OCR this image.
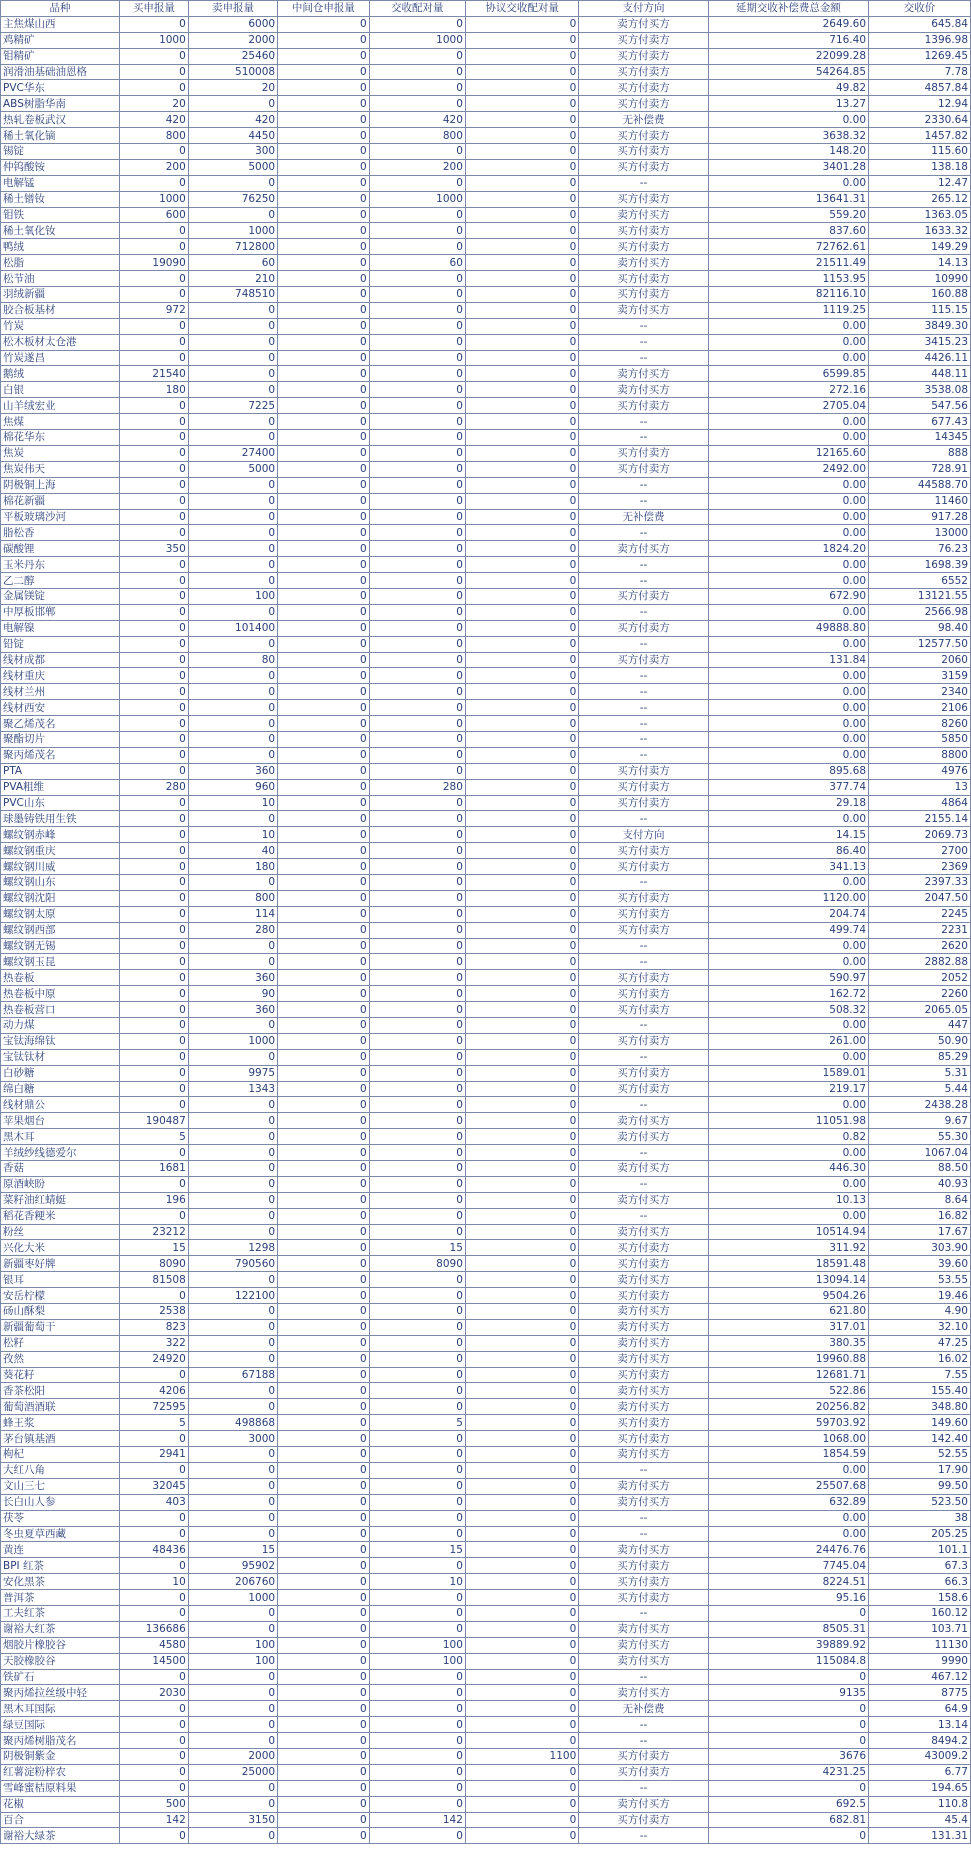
品种	买申报量	卖申报量	中间仓申报量	交收配对量	协议交收配对量	支付方向	延期交收补偿费总金额	交收价
主焦煤山西	0	6000	0	0	0	卖方付买方	2649.60	645.84
鸡精矿	1000	2000	0	1000	0	买方付卖方	716.40	1396.98
钼精矿	0	25460	0	0	0	买方付卖方	22099.28	1269.45
润滑油基础油恩格	0	510008	0	0	0	买方付卖方	54264.85	7.78
PVC华东	0	20	0	0	0	买方付卖方	49.82	4857.84
ABS树脂华南	20	0	0	0	0	买方付卖方	13.27	12.94
热轧卷板武汉	420	420	0	420	0	无补偿费	0.00	2330.64
稀土氧化镝	800	4450	0	800	0	买方付卖方	3638.32	1457.82
锡锭	0	300	0	0	0	买方付卖方	148.20	115.60
仲钨酸铵	200	5000	0	200	0	买方付卖方	3401.28	138.18
电解锰	0	0	0	0	0	--	0.00	12.47
稀土镨钕	1000	76250	0	1000	0	买方付卖方	13641.31	265.12
钼铁	600	0	0	0	0	卖方付买方	559.20	1363.05
稀土氧化钕	0	1000	0	0	0	买方付卖方	837.60	1633.32
鸭绒	0	712800	0	0	0	买方付卖方	72762.61	149.29
松脂	19090	60	0	60	0	卖方付买方	21511.49	14.13
松节油	0	210	0	0	0	买方付卖方	1153.95	10990
羽绒新疆	0	748510	0	0	0	买方付卖方	82116.10	160.88
胶合板基材	972	0	0	0	0	卖方付买方	1119.25	115.15
竹炭	0	0	0	0	0	--	0.00	3849.30
松木板材太仓港	0	0	0	0	0	--	0.00	3415.23
竹炭遂昌	0	0	0	0	0	--	0.00	4426.11
鹅绒	21540	0	0	0	0	卖方付买方	6599.85	448.11
白银	180	0	0	0	0	卖方付买方	272.16	3538.08
山羊绒宏业	0	7225	0	0	0	买方付卖方	2705.04	547.56
焦煤	0	0	0	0	0	--	0.00	677.43
棉花华东	0	0	0	0	0	--	0.00	14345
焦炭	0	27400	0	0	0	买方付卖方	12165.60	888
焦炭伟天	0	5000	0	0	0	买方付卖方	2492.00	728.91
阴极铜上海	0	0	0	0	0	--	0.00	44588.70
棉花新疆	0	0	0	0	0	--	0.00	11460
平板玻璃沙河	0	0	0	0	0	无补偿费	0.00	917.28
脂松香	0	0	0	0	0	--	0.00	13000
碳酸锂	350	0	0	0	0	卖方付买方	1824.20	76.23
玉米丹东	0	0	0	0	0	--	0.00	1698.39
乙二醇	0	0	0	0	0	--	0.00	6552
金属镁锭	0	100	0	0	0	买方付卖方	672.90	13121.55
中厚板邯郸	0	0	0	0	0	--	0.00	2566.98
电解镍	0	101400	0	0	0	买方付卖方	49888.80	98.40
铅锭	0	0	0	0	0	--	0.00	12577.50
线材成都	0	80	0	0	0	买方付卖方	131.84	2060
线材重庆	0	0	0	0	0	--	0.00	3159
线材兰州	0	0	0	0	0	--	0.00	2340
线材西安	0	0	0	0	0	--	0.00	2106
聚乙烯茂名	0	0	0	0	0	--	0.00	8260
聚酯切片	0	0	0	0	0	--	0.00	5850
聚丙烯茂名	0	0	0	0	0	--	0.00	8800
PTA	0	360	0	0	0	买方付卖方	895.68	4976
PVA粗维	280	960	0	280	0	买方付卖方	377.74	13
PVC山东	0	10	0	0	0	买方付卖方	29.18	4864
球墨铸铁用生铁	0	0	0	0	0	--	0.00	2155.14
螺纹钢赤峰	0	10	0	0	0	支付方向	14.15	2069.73
螺纹钢重庆	0	40	0	0	0	买方付卖方	86.40	2700
螺纹钢川威	0	180	0	0	0	买方付卖方	341.13	2369
螺纹钢山东	0	0	0	0	0	--	0.00	2397.33
螺纹钢沈阳	0	800	0	0	0	买方付卖方	1120.00	2047.50
螺纹钢太原	0	114	0	0	0	买方付卖方	204.74	2245
螺纹钢西部	0	280	0	0	0	买方付卖方	499.74	2231
螺纹钢无锡	0	0	0	0	0	--	0.00	2620
螺纹钢玉昆	0	0	0	0	0	--	0.00	2882.88
热卷板	0	360	0	0	0	买方付卖方	590.97	2052
热卷板中原	0	90	0	0	0	买方付卖方	162.72	2260
热卷板营口	0	360	0	0	0	买方付卖方	508.32	2065.05
动力煤	0	0	0	0	0	--	0.00	447
宝钛海绵钛	0	1000	0	0	0	买方付卖方	261.00	50.90
宝钛钛材	0	0	0	0	0	--	0.00	85.29
白砂糖	0	9975	0	0	0	买方付卖方	1589.01	5.31
绵白糖	0	1343	0	0	0	买方付卖方	219.17	5.44
线材鼎公	0	0	0	0	0	--	0.00	2438.28
苹果烟台	190487	0	0	0	0	卖方付买方	11051.98	9.67
黑木耳	5	0	0	0	0	卖方付买方	0.82	55.30
羊绒纱线德爱尔	0	0	0	0	0	--	0.00	1067.04
香菇	1681	0	0	0	0	卖方付买方	446.30	88.50
原酒峡盼	0	0	0	0	0	--	0.00	40.93
菜籽油红蜻蜓	196	0	0	0	0	卖方付买方	10.13	8.64
稻花香粳米	0	0	0	0	0	--	0.00	16.82
粉丝	23212	0	0	0	0	卖方付买方	10514.94	17.67
兴化大米	15	1298	0	15	0	买方付卖方	311.92	303.90
新疆枣好牌	8090	790560	0	8090	0	买方付卖方	18591.48	39.60
银耳	81508	0	0	0	0	卖方付买方	13094.14	53.55
安岳柠檬	0	122100	0	0	0	买方付卖方	9504.26	19.46
砀山酥梨	2538	0	0	0	0	卖方付买方	621.80	4.90
新疆葡萄干	823	0	0	0	0	卖方付买方	317.01	32.10
松籽	322	0	0	0	0	卖方付买方	380.35	47.25
孜然	24920	0	0	0	0	卖方付买方	19960.88	16.02
葵花籽	0	67188	0	0	0	买方付卖方	12681.71	7.55
香茶松阳	4206	0	0	0	0	卖方付买方	522.86	155.40
葡萄酒酒联	72595	0	0	0	0	卖方付买方	20256.82	348.80
蜂王浆	5	498868	0	5	0	买方付卖方	59703.92	149.60
茅台镇基酒	0	3000	0	0	0	买方付卖方	1068.00	142.40
枸杞	2941	0	0	0	0	卖方付买方	1854.59	52.55
大红八角	0	0	0	0	0	--	0.00	17.90
文山三七	32045	0	0	0	0	卖方付买方	25507.68	99.50
长白山人参	403	0	0	0	0	卖方付买方	632.89	523.50
茯苓	0	0	0	0	0	--	0.00	38
冬虫夏草西藏	0	0	0	0	0	--	0.00	205.25
黄连	48436	15	0	15	0	卖方付买方	24476.76	101.1
BPI 红茶	0	95902	0	0	0	买方付卖方	7745.04	67.3
安化黑茶	10	206760	0	10	0	买方付卖方	8224.51	66.3
普洱茶	0	1000	0	0	0	买方付卖方	95.16	158.6
工夫红茶	0	0	0	0	0	--	0	160.12
谢裕大红茶	136686	0	0	0	0	卖方付买方	8505.31	103.71
烟胶片橡胶谷	4580	100	0	100	0	卖方付买方	39889.92	11130
天胶橡胶谷	14500	100	0	100	0	卖方付买方	115084.8	9990
铁矿石	0	0	0	0	0	--	0	467.12
聚丙烯拉丝级中轻	2030	0	0	0	0	卖方付买方	9135	8775
黑木耳国际	0	0	0	0	0	无补偿费	0	64.9
绿豆国际	0	0	0	0	0	--	0	13.14
聚丙烯树脂茂名	0	0	0	0	0	--	0	8494.2
阴极铜紫金	0	2000	0	0	1100	买方付卖方	3676	43009.2
红薯淀粉梓农	0	25000	0	0	0	买方付卖方	4231.25	6.77
雪峰蜜桔原料果	0	0	0	0	0	--	0	194.65
花椒	500	0	0	0	0	卖方付买方	692.5	110.8
百合	142	3150	0	142	0	买方付卖方	682.81	45.4
谢裕大绿茶	0	0	0	0	0	--	0	131.31
